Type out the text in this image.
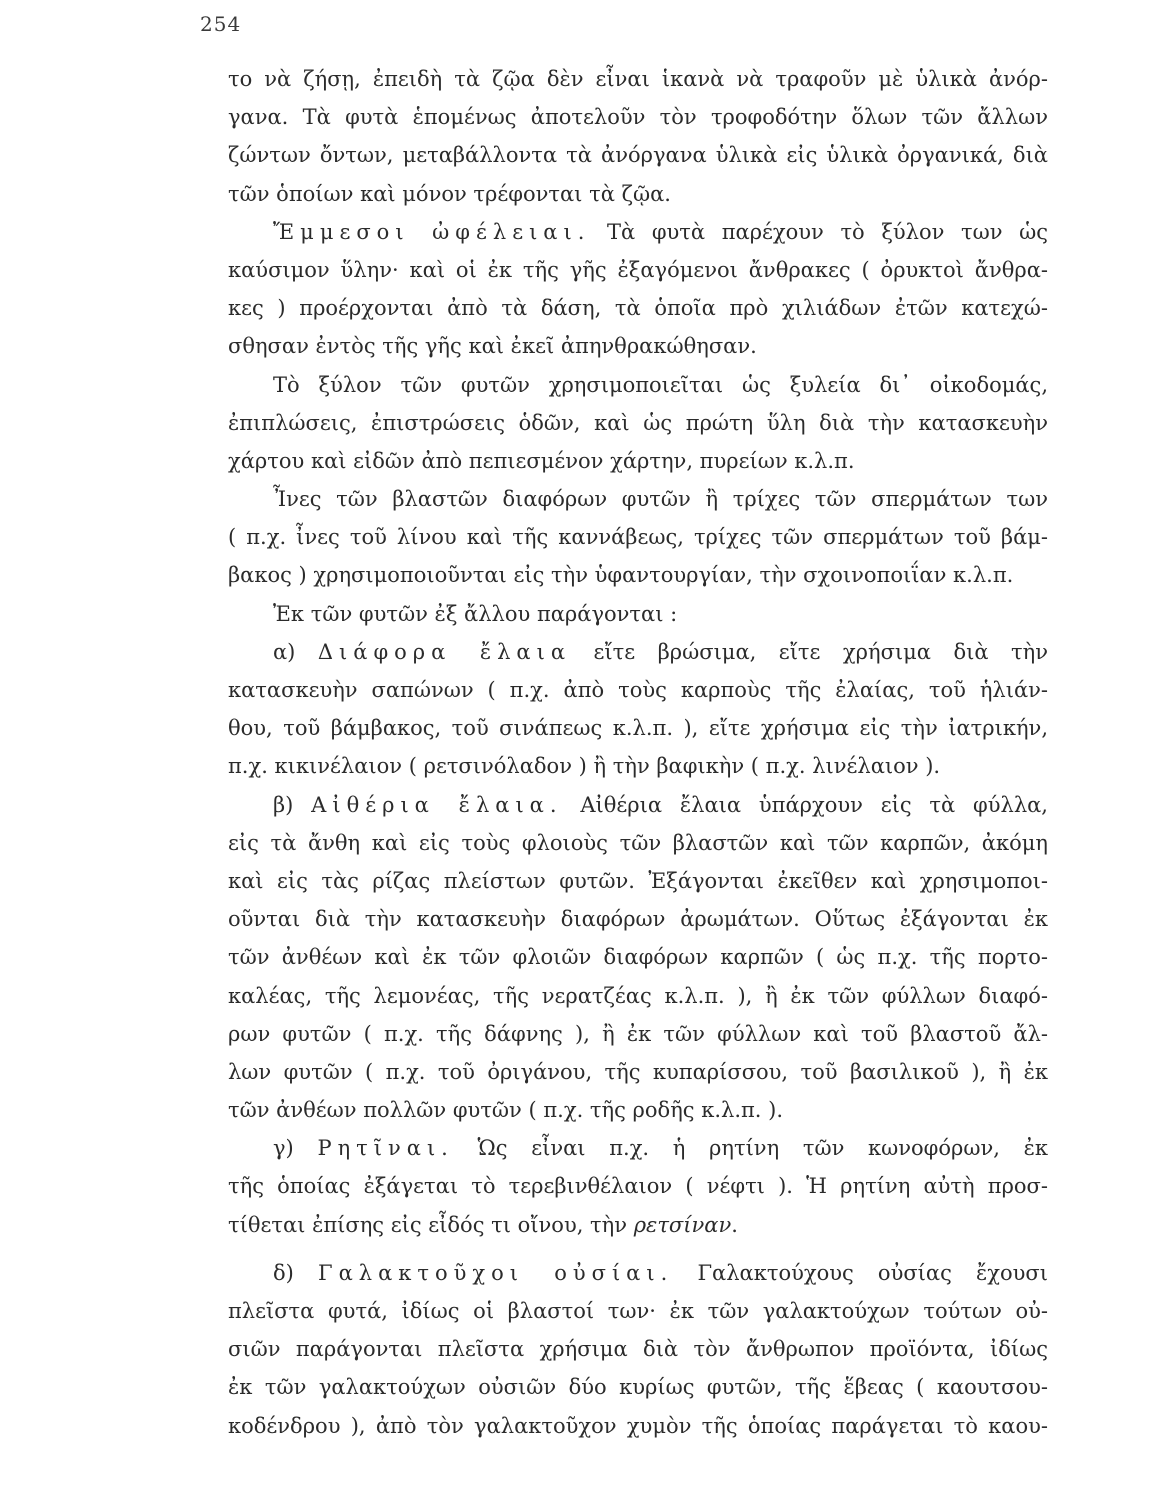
254
το νὰ ζήσῃ, ἐπειδὴ τὰ ζῷα δὲν εἶναι ἱκανὰ νὰ τραφοῦν μὲ ὑλικὰ ἀνόρ-
γανα. Τὰ φυτὰ ἑπομένως ἀποτελοῦν τὸν τροφοδότην ὅλων τῶν ἄλλων
ζώντων ὄντων, μεταβάλλοντα τὰ ἀνόργανα ὑλικὰ εἰς ὑλικὰ ὀργανικά, διὰ
τῶν ὁποίων καὶ μόνον τρέφονται τὰ ζῷα.
Ἔμμεσοι ὠφέλειαι. Τὰ φυτὰ παρέχουν τὸ ξύλον των ὡς
καύσιμον ὕλην· καὶ οἱ ἐκ τῆς γῆς ἐξαγόμενοι ἄνθρακες ( ὀρυκτοὶ ἄνθρα-
κες ) προέρχονται ἀπὸ τὰ δάση, τὰ ὁποῖα πρὸ χιλιάδων ἐτῶν κατεχώ-
σθησαν ἐντὸς τῆς γῆς καὶ ἐκεῖ ἀπηνθρακώθησαν.
Τὸ ξύλον τῶν φυτῶν χρησιμοποιεῖται ὡς ξυλεία δι᾽ οἰκοδομάς,
ἐπιπλώσεις, ἐπιστρώσεις ὁδῶν, καὶ ὡς πρώτη ὕλη διὰ τὴν κατασκευὴν
χάρτου καὶ εἰδῶν ἀπὸ πεπιεσμένον χάρτην, πυρείων κ.λ.π.
Ἶνες τῶν βλαστῶν διαφόρων φυτῶν ἢ τρίχες τῶν σπερμάτων των
( π.χ. ἶνες τοῦ λίνου καὶ τῆς καννάβεως, τρίχες τῶν σπερμάτων τοῦ βάμ-
βακος ) χρησιμοποιοῦνται εἰς τὴν ὑφαντουργίαν, τὴν σχοινοποιΐαν κ.λ.π.
Ἐκ τῶν φυτῶν ἐξ ἄλλου παράγονται :
α) Διάφορα ἔλαια εἴτε βρώσιμα, εἴτε χρήσιμα διὰ τὴν
κατασκευὴν σαπώνων ( π.χ. ἀπὸ τοὺς καρποὺς τῆς ἐλαίας, τοῦ ἡλιάν-
θου, τοῦ βάμβακος, τοῦ σινάπεως κ.λ.π. ), εἴτε χρήσιμα εἰς τὴν ἰατρικήν,
π.χ. κικινέλαιον ( ρετσινόλαδον ) ἢ τὴν βαφικὴν ( π.χ. λινέλαιον ).
β) Αἰθέρια ἔλαια. Αἰθέρια ἔλαια ὑπάρχουν εἰς τὰ φύλλα,
εἰς τὰ ἄνθη καὶ εἰς τοὺς φλοιοὺς τῶν βλαστῶν καὶ τῶν καρπῶν, ἀκόμη
καὶ εἰς τὰς ρίζας πλείστων φυτῶν. Ἐξάγονται ἐκεῖθεν καὶ χρησιμοποι-
οῦνται διὰ τὴν κατασκευὴν διαφόρων ἀρωμάτων. Οὕτως ἐξάγονται ἐκ
τῶν ἀνθέων καὶ ἐκ τῶν φλοιῶν διαφόρων καρπῶν ( ὡς π.χ. τῆς πορτο-
καλέας, τῆς λεμονέας, τῆς νερατζέας κ.λ.π. ), ἢ ἐκ τῶν φύλλων διαφό-
ρων φυτῶν ( π.χ. τῆς δάφνης ), ἢ ἐκ τῶν φύλλων καὶ τοῦ βλαστοῦ ἄλ-
λων φυτῶν ( π.χ. τοῦ ὀριγάνου, τῆς κυπαρίσσου, τοῦ βασιλικοῦ ), ἢ ἐκ
τῶν ἀνθέων πολλῶν φυτῶν ( π.χ. τῆς ροδῆς κ.λ.π. ).
γ) Ρητῖναι. Ὡς εἶναι π.χ. ἡ ρητίνη τῶν κωνοφόρων, ἐκ
τῆς ὁποίας ἐξάγεται τὸ τερεβινθέλαιον ( νέφτι ). Ἡ ρητίνη αὐτὴ προσ-
τίθεται ἐπίσης εἰς εἶδός τι οἴνου, τὴν ρετσίναν.
δ) Γαλακτοῦχοι οὐσίαι. Γαλακτούχους οὐσίας ἔχουσι
πλεῖστα φυτά, ἰδίως οἱ βλαστοί των· ἐκ τῶν γαλακτούχων τούτων οὐ-
σιῶν παράγονται πλεῖστα χρήσιμα διὰ τὸν ἄνθρωπον προϊόντα, ἰδίως
ἐκ τῶν γαλακτούχων οὐσιῶν δύο κυρίως φυτῶν, τῆς ἕβεας ( καουτσου-
κοδένδρου ), ἀπὸ τὸν γαλακτοῦχον χυμὸν τῆς ὁποίας παράγεται τὸ καου-
